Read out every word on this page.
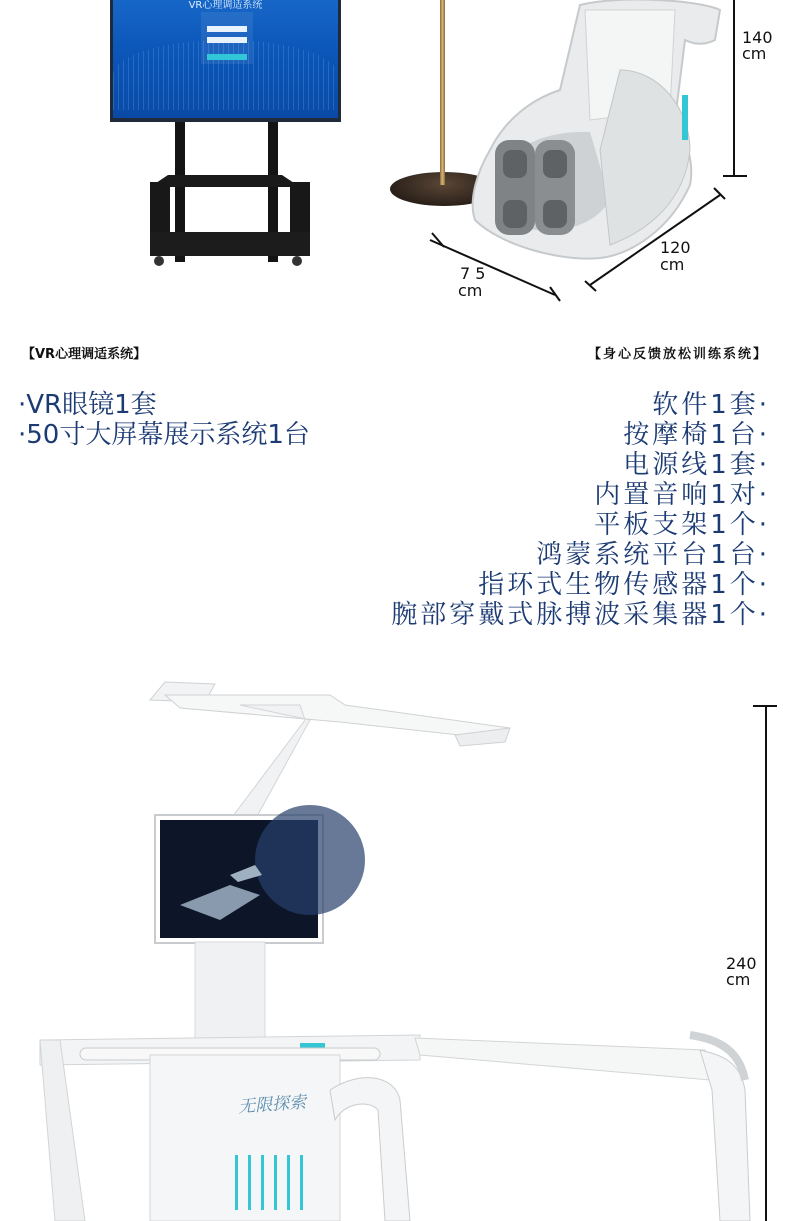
VR心理调适系统
140
cm
120
cm
7 5
cm
【VR心理调适系统】	【身心反馈放松训练系统】
·VR眼镜1套
·50寸大屏幕展示系统1台
软件1套·
按摩椅1台·
电源线1套·
内置音响1对·
平板支架1个·
鸿蒙系统平台1台·
指环式生物传感器1个·
腕部穿戴式脉搏波采集器1个·
无限探索
240
cm
